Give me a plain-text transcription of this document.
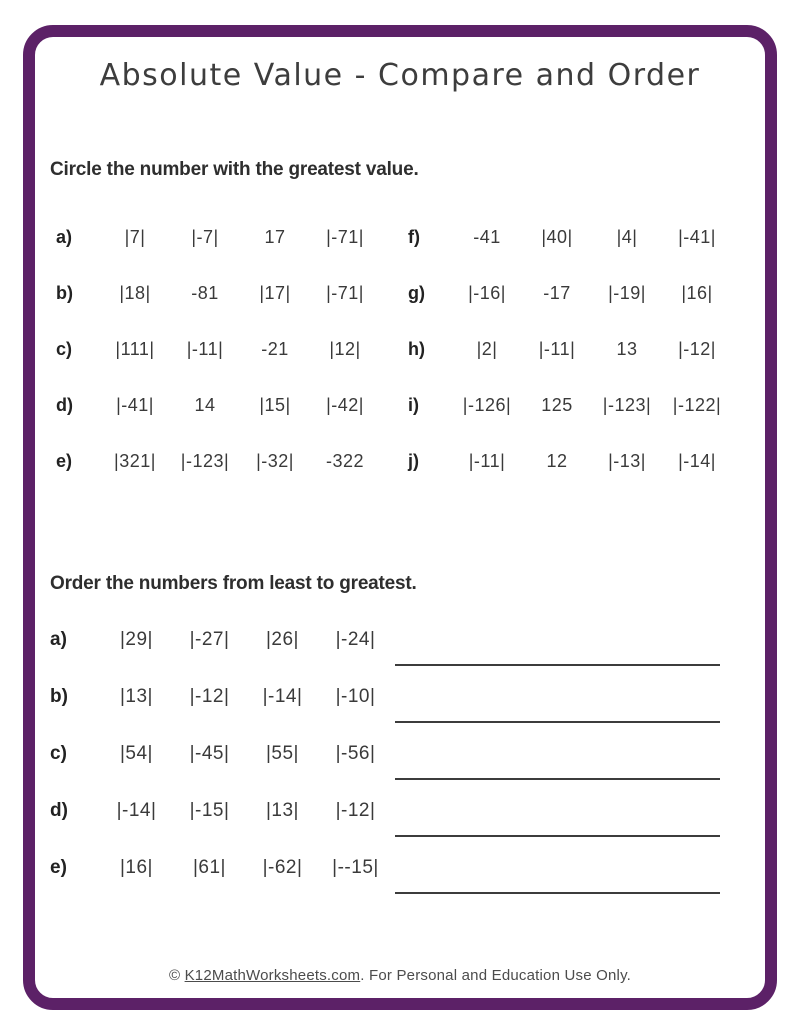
Absolute Value - Compare and Order

Circle the number with the greatest value.

a)	|7|	|-7|	17	|-71|	f)	-41	|40|	|4|	|-41|
b)	|18|	-81	|17|	|-71|	g)	|-16|	-17	|-19|	|16|
c)	|111|	|-11|	-21	|12|	h)	|2|	|-11|	13	|-12|
d)	|-41|	14	|15|	|-42|	i)	|-126|	125	|-123|	|-122|
e)	|321|	|-123|	|-32|	-322	j)	|-11|	12	|-13|	|-14|

Order the numbers from least to greatest.

a)	|29|	|-27|	|26|	|-24|
b)	|13|	|-12|	|-14|	|-10|
c)	|54|	|-45|	|55|	|-56|
d)	|-14|	|-15|	|13|	|-12|
e)	|16|	|61|	|-62|	|--15|
© K12MathWorksheets.com. For Personal and Education Use Only.
